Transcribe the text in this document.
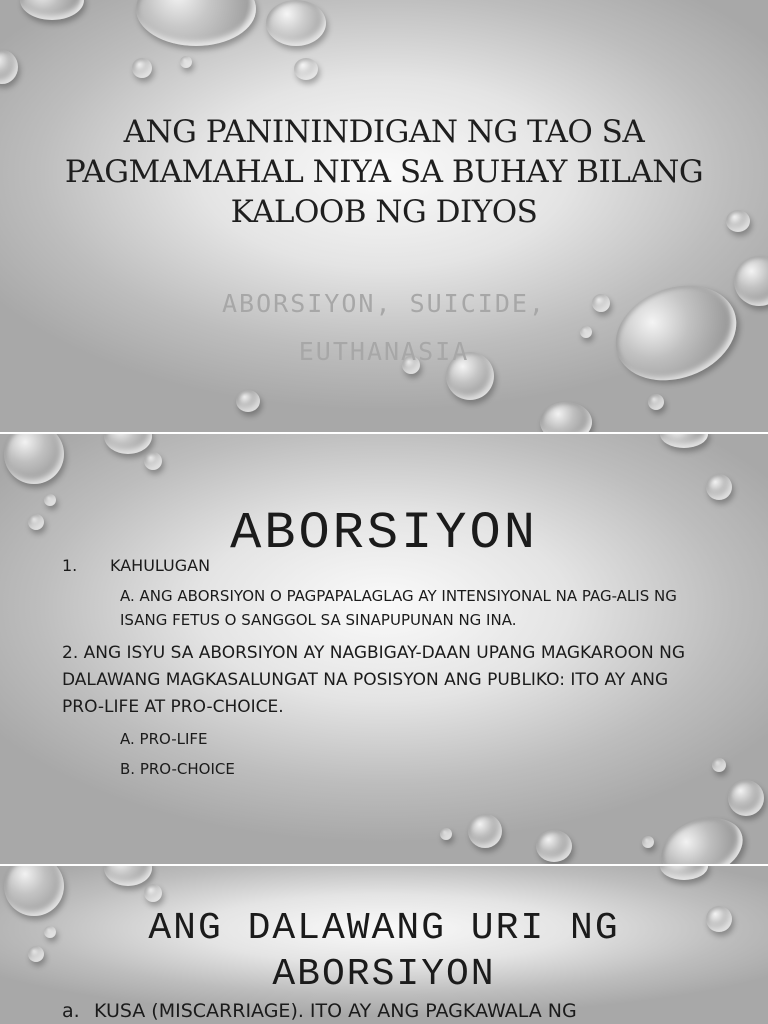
ANG PANININDIGAN NG TAO SA PAGMAMAHAL NIYA SA BUHAY BILANG KALOOB NG DIYOS
ABORSIYON, SUICIDE, EUTHANASIA
ABORSIYON
1. KAHULUGAN
A. ANG ABORSIYON O PAGPAPALAGLAG AY INTENSIYONAL NA PAG-ALIS NG ISANG FETUS O SANGGOL SA SINAPUPUNAN NG INA.
2. ANG ISYU SA ABORSIYON AY NAGBIGAY-DAAN UPANG MAGKAROON NG DALAWANG MAGKASALUNGAT NA POSISYON ANG PUBLIKO: ITO AY ANG PRO-LIFE AT PRO-CHOICE.
A. PRO-LIFE
B. PRO-CHOICE
ANG DALAWANG URI NG ABORSIYON
a. KUSA (MISCARRIAGE). ITO AY ANG PAGKAWALA NG
